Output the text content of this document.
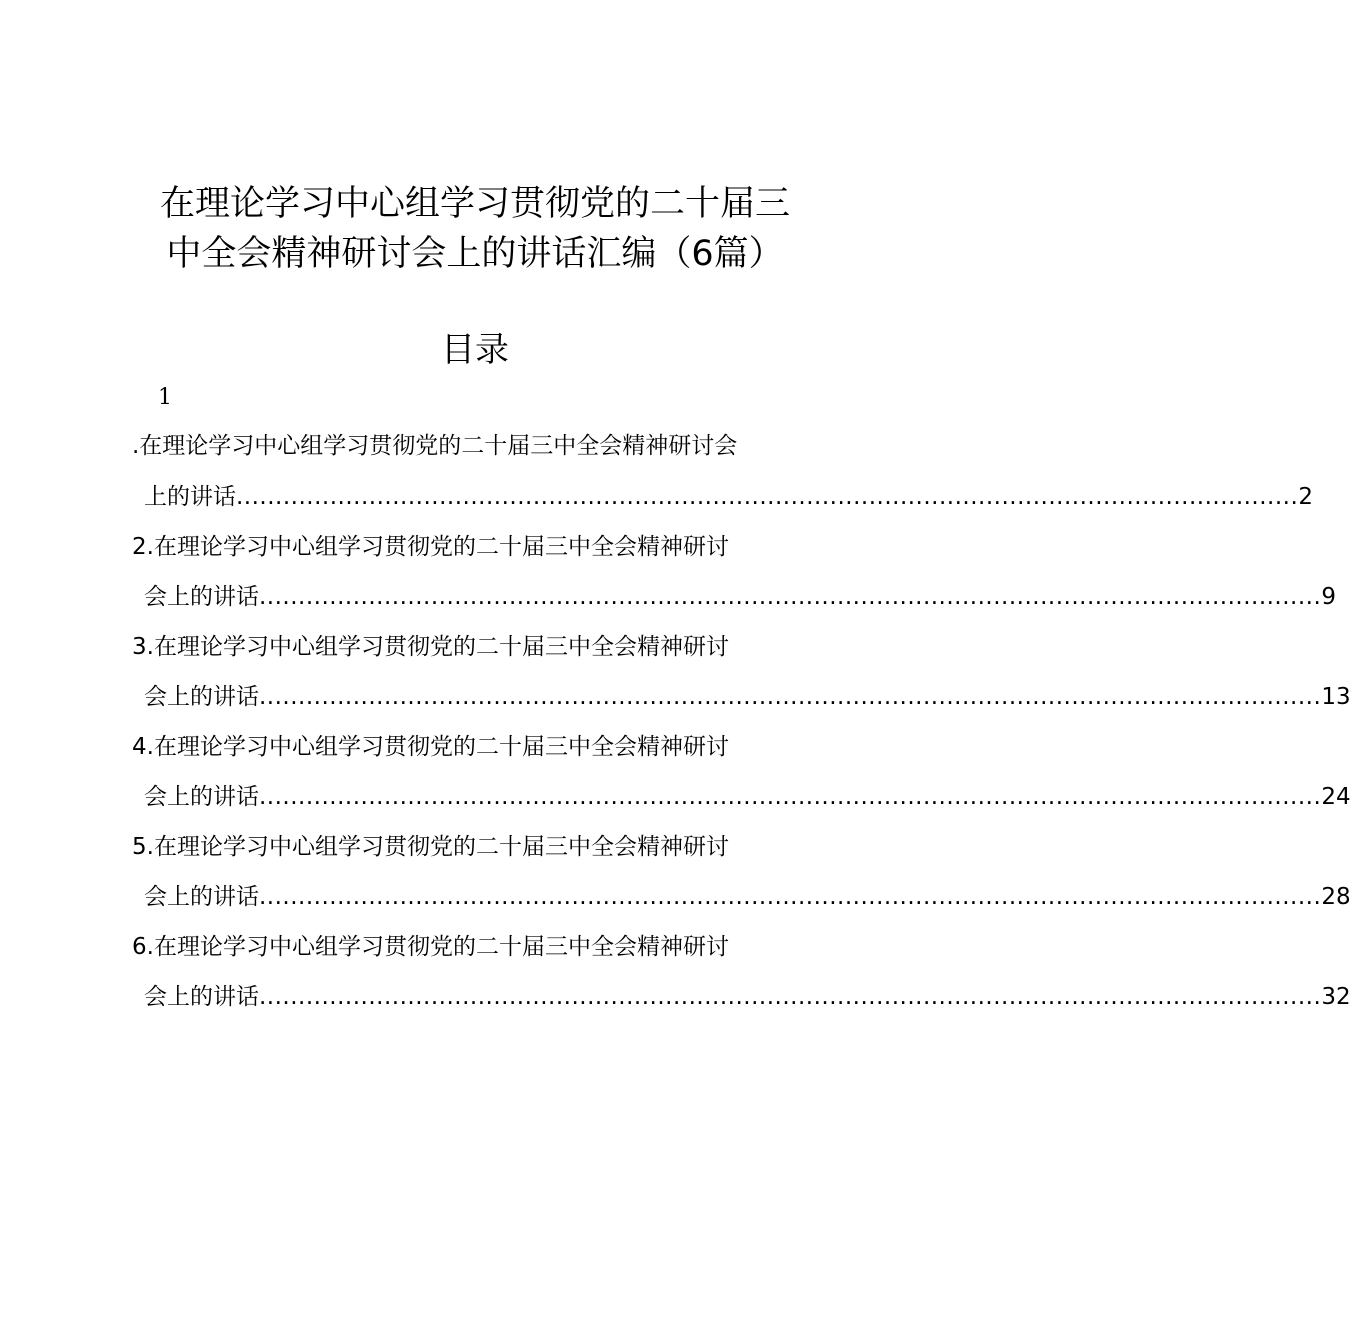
在理论学习中心组学习贯彻党的二十届三
中全会精神研讨会上的讲话汇编（6篇）
目录
1
.在理论学习中心组学习贯彻党的二十届三中全会精神研讨会
上的讲话 ........................................................................................................................................ 2
2.在理论学习中心组学习贯彻党的二十届三中全会精神研讨
会上的讲话 ........................................................................................................................................ 9
3.在理论学习中心组学习贯彻党的二十届三中全会精神研讨
会上的讲话 ........................................................................................................................................ 13
4.在理论学习中心组学习贯彻党的二十届三中全会精神研讨
会上的讲话 ........................................................................................................................................ 24
5.在理论学习中心组学习贯彻党的二十届三中全会精神研讨
会上的讲话 ........................................................................................................................................ 28
6.在理论学习中心组学习贯彻党的二十届三中全会精神研讨
会上的讲话 ........................................................................................................................................ 32
